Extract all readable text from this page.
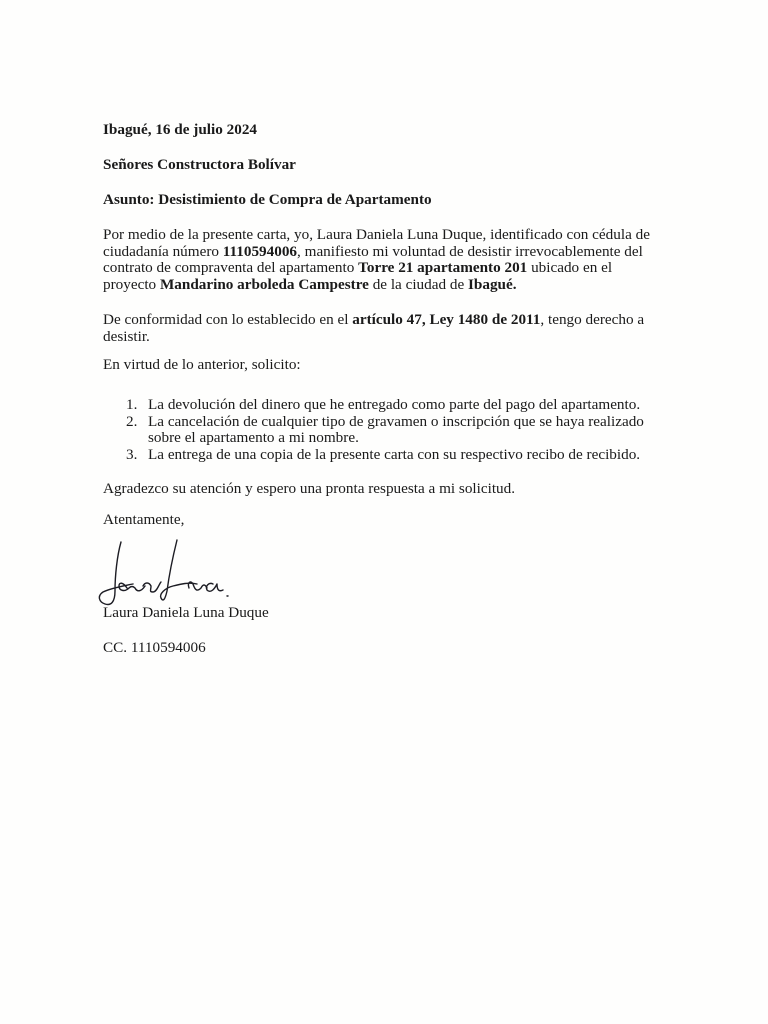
Ibagué, 16 de julio 2024
Señores Constructora Bolívar
Asunto: Desistimiento de Compra de Apartamento

Por medio de la presente carta, yo, Laura Daniela Luna Duque, identificado con cédula de ciudadanía número 1110594006, manifiesto mi voluntad de desistir irrevocablemente del contrato de compraventa del apartamento Torre 21 apartamento 201 ubicado en el proyecto Mandarino arboleda Campestre de la ciudad de Ibagué.

De conformidad con lo establecido en el artículo 47, Ley 1480 de 2011, tengo derecho a desistir.

En virtud de lo anterior, solicito:
1. La devolución del dinero que he entregado como parte del pago del apartamento.
2. La cancelación de cualquier tipo de gravamen o inscripción que se haya realizado sobre el apartamento a mi nombre.
3. La entrega de una copia de la presente carta con su respectivo recibo de recibido.
Agradezco su atención y espero una pronta respuesta a mi solicitud.
Atentamente,
Laura Daniela Luna Duque
CC. 1110594006
